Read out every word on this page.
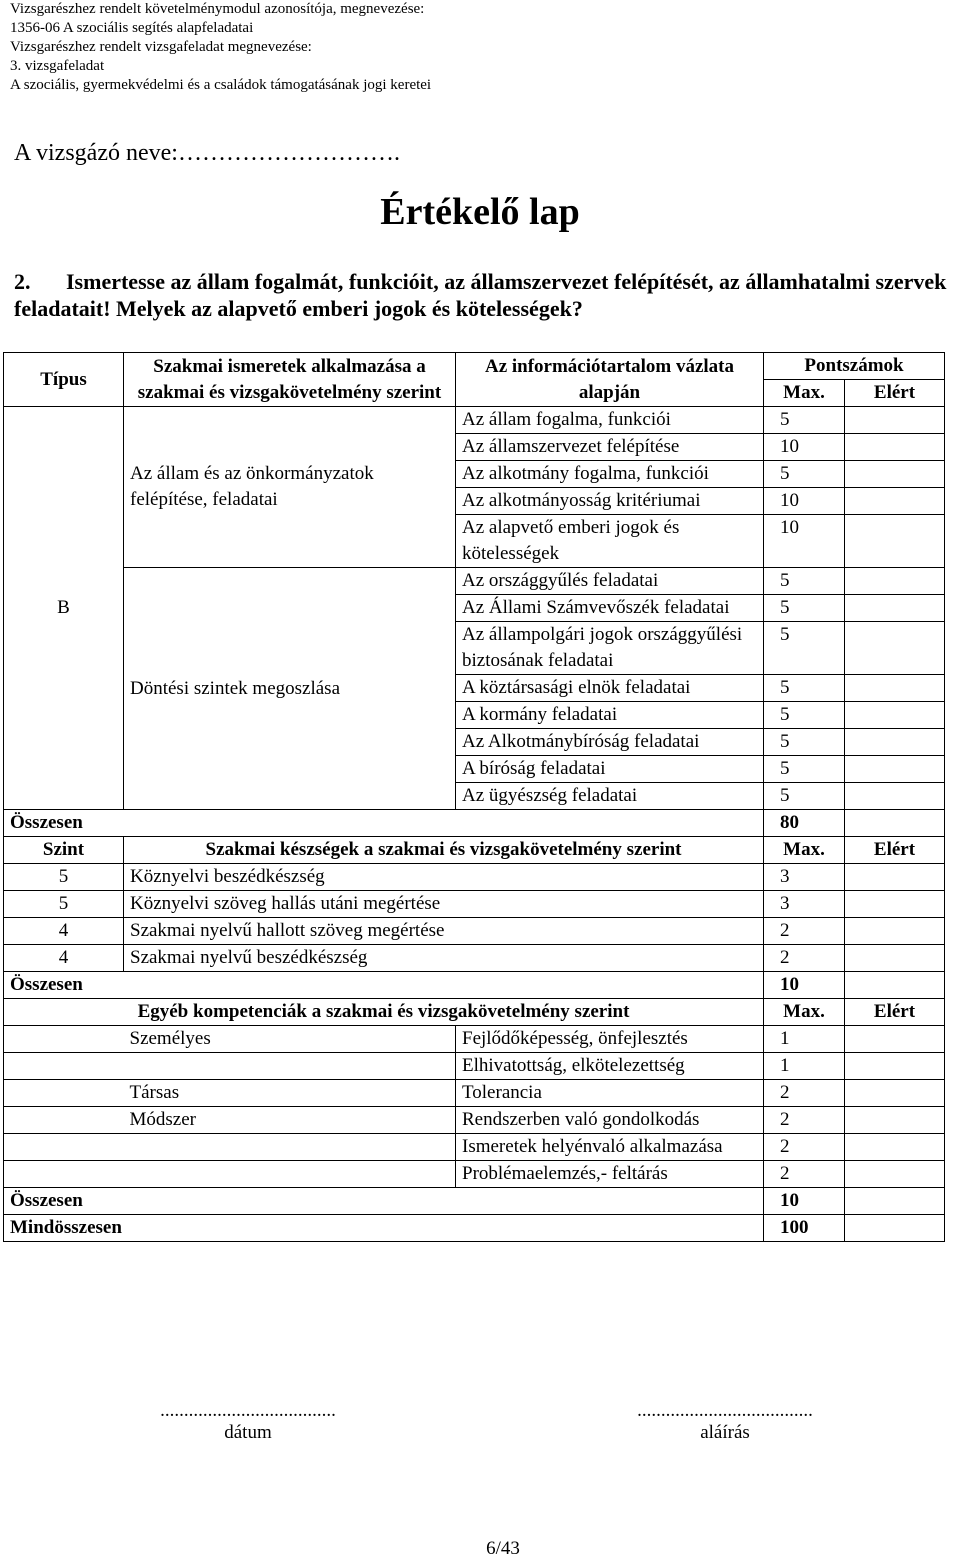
Vizsgarészhez rendelt követelménymodul azonosítója, megnevezése:
1356-06 A szociális segítés alapfeladatai
Vizsgarészhez rendelt vizsgafeladat megnevezése:
3. vizsgafeladat
A szociális, gyermekvédelmi és a családok támogatásának jogi keretei
A vizsgázó neve:……………………….
Értékelő lap
2. Ismertesse az állam fogalmát, funkcióit, az államszervezet felépítését, az államhatalmi szervek feladatait! Melyek az alapvető emberi jogok és kötelességek?
Típus	Szakmai ismeretek alkalmazása a szakmai és vizsgakövetelmény szerint	Az információtartalom vázlata alapján	Pontszámok	
			Max.	Elért
B	Az állam és az önkormányzatok felépítése, feladatai	Az állam fogalma, funkciói	5	
		Az államszervezet felépítése	10	
		Az alkotmány fogalma, funkciói	5	
		Az alkotmányosság kritériumai	10	
		Az alapvető emberi jogok és kötelességek	10	
	Döntési szintek megoszlása	Az országgyűlés feladatai	5	
		Az Állami Számvevőszék feladatai	5	
		Az állampolgári jogok országgyűlési biztosának feladatai	5	
		A köztársasági elnök feladatai	5	
		A kormány feladatai	5	
		Az Alkotmánybíróság feladatai	5	
		A bíróság feladatai	5	
		Az ügyészség feladatai	5	
Összesen			80	
Szint	Szakmai készségek a szakmai és vizsgakövetelmény szerint		Max.	Elért
5	Köznyelvi beszédkészség		3	
5	Köznyelvi szöveg hallás utáni megértése		3	
4	Szakmai nyelvű hallott szöveg megértése		2	
4	Szakmai nyelvű beszédkészség		2	
Összesen			10	
Egyéb kompetenciák a szakmai és vizsgakövetelmény szerint			Max.	Elért
	Személyes	Fejlődőképesség, önfejlesztés	1	
		Elhivatottság, elkötelezettség	1	
	Társas	Tolerancia	2	
	Módszer	Rendszerben való gondolkodás	2	
		Ismeretek helyénvaló alkalmazása	2	
		Problémaelemzés,- feltárás	2	
Összesen			10	
Mindösszesen			100	
.....................................
dátum
.....................................
aláírás
6/43
